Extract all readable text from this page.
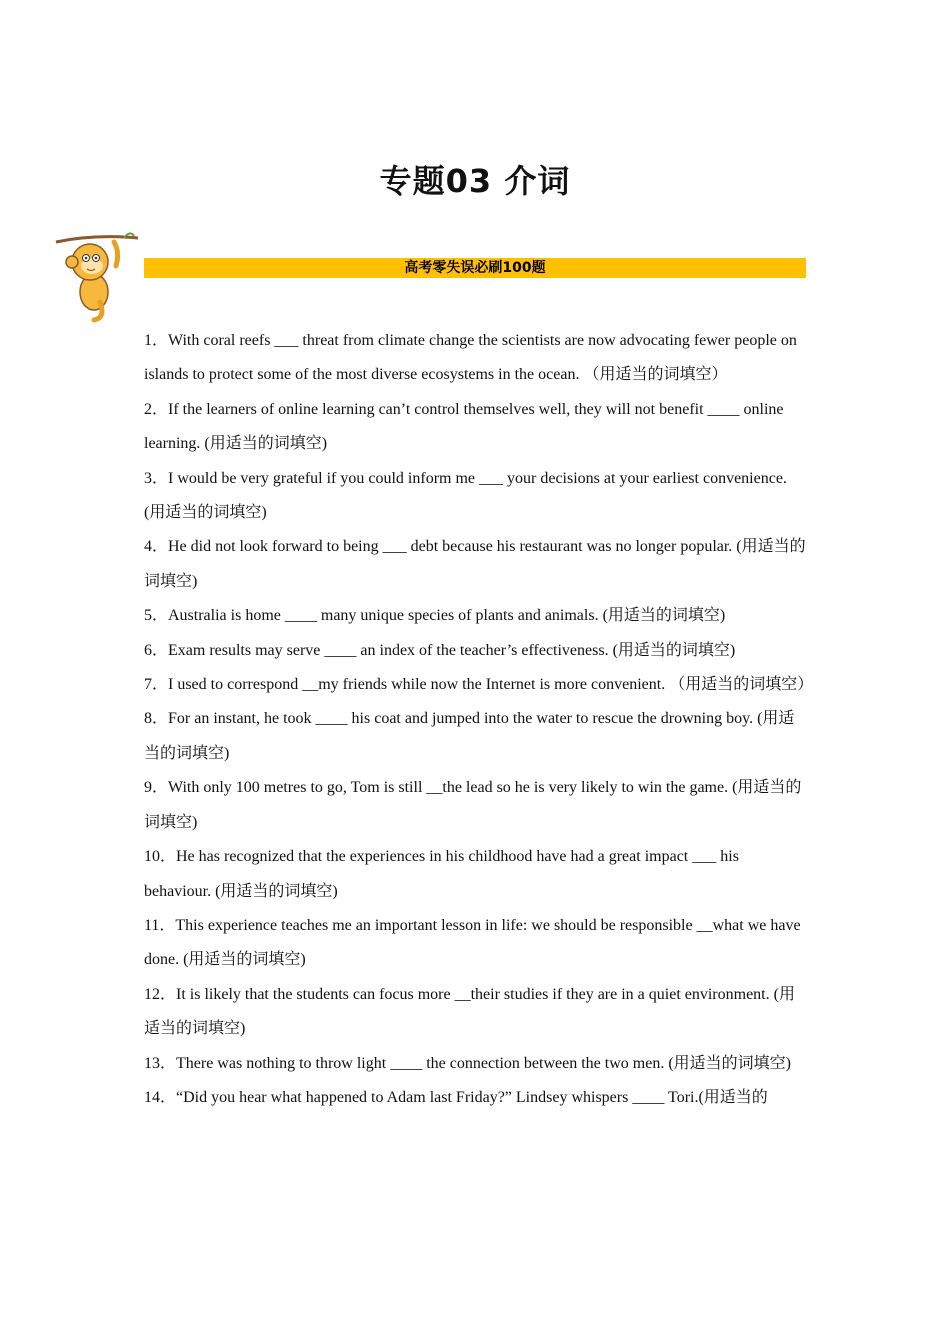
专题03 介词
高考零失误必刷100题

1．With coral reefs ___ threat from climate change the scientists are now advocating fewer people on islands to protect some of the most diverse ecosystems in the ocean. （用适当的词填空）

2．If the learners of online learning can’t control themselves well, they will not benefit ____ online learning. (用适当的词填空)

3．I would be very grateful if you could inform me ___ your decisions at your earliest convenience. (用适当的词填空)

4．He did not look forward to being ___ debt because his restaurant was no longer popular. (用适当的词填空)

5．Australia is home ____ many unique species of plants and animals. (用适当的词填空)

6．Exam results may serve ____ an index of the teacher’s effectiveness. (用适当的词填空)

7．I used to correspond __my friends while now the Internet is more convenient. （用适当的词填空）

8．For an instant, he took ____ his coat and jumped into the water to rescue the drowning boy. (用适当的词填空)

9．With only 100 metres to go, Tom is still __the lead so he is very likely to win the game. (用适当的词填空)

10．He has recognized that the experiences in his childhood have had a great impact ___ his behaviour. (用适当的词填空)

11．This experience teaches me an important lesson in life: we should be responsible __what we have done. (用适当的词填空)

12．It is likely that the students can focus more __their studies if they are in a quiet environment. (用适当的词填空)

13．There was nothing to throw light ____ the connection between the two men. (用适当的词填空)

14．“Did you hear what happened to Adam last Friday?” Lindsey whispers ____ Tori.(用适当的
